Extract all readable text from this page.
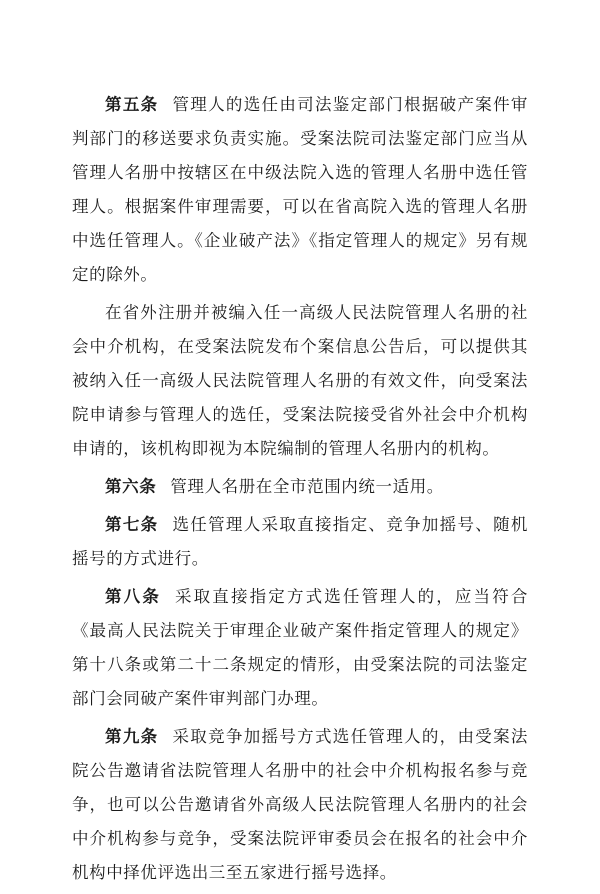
第五条 管理人的选任由司法鉴定部门根据破产案件审判部门的移送要求负责实施。受案法院司法鉴定部门应当从管理人名册中按辖区在中级法院入选的管理人名册中选任管理人。根据案件审理需要，可以在省高院入选的管理人名册中选任管理人。《企业破产法》《指定管理人的规定》另有规定的除外。

在省外注册并被编入任一高级人民法院管理人名册的社会中介机构，在受案法院发布个案信息公告后，可以提供其被纳入任一高级人民法院管理人名册的有效文件，向受案法院申请参与管理人的选任，受案法院接受省外社会中介机构申请的，该机构即视为本院编制的管理人名册内的机构。

第六条 管理人名册在全市范围内统一适用。

第七条 选任管理人采取直接指定、竞争加摇号、随机摇号的方式进行。

第八条 采取直接指定方式选任管理人的，应当符合《最高人民法院关于审理企业破产案件指定管理人的规定》第十八条或第二十二条规定的情形，由受案法院的司法鉴定部门会同破产案件审判部门办理。

第九条 采取竞争加摇号方式选任管理人的，由受案法院公告邀请省法院管理人名册中的社会中介机构报名参与竞争，也可以公告邀请省外高级人民法院管理人名册内的社会中介机构参与竞争，受案法院评审委员会在报名的社会中介机构中择优评选出三至五家进行摇号选择。
